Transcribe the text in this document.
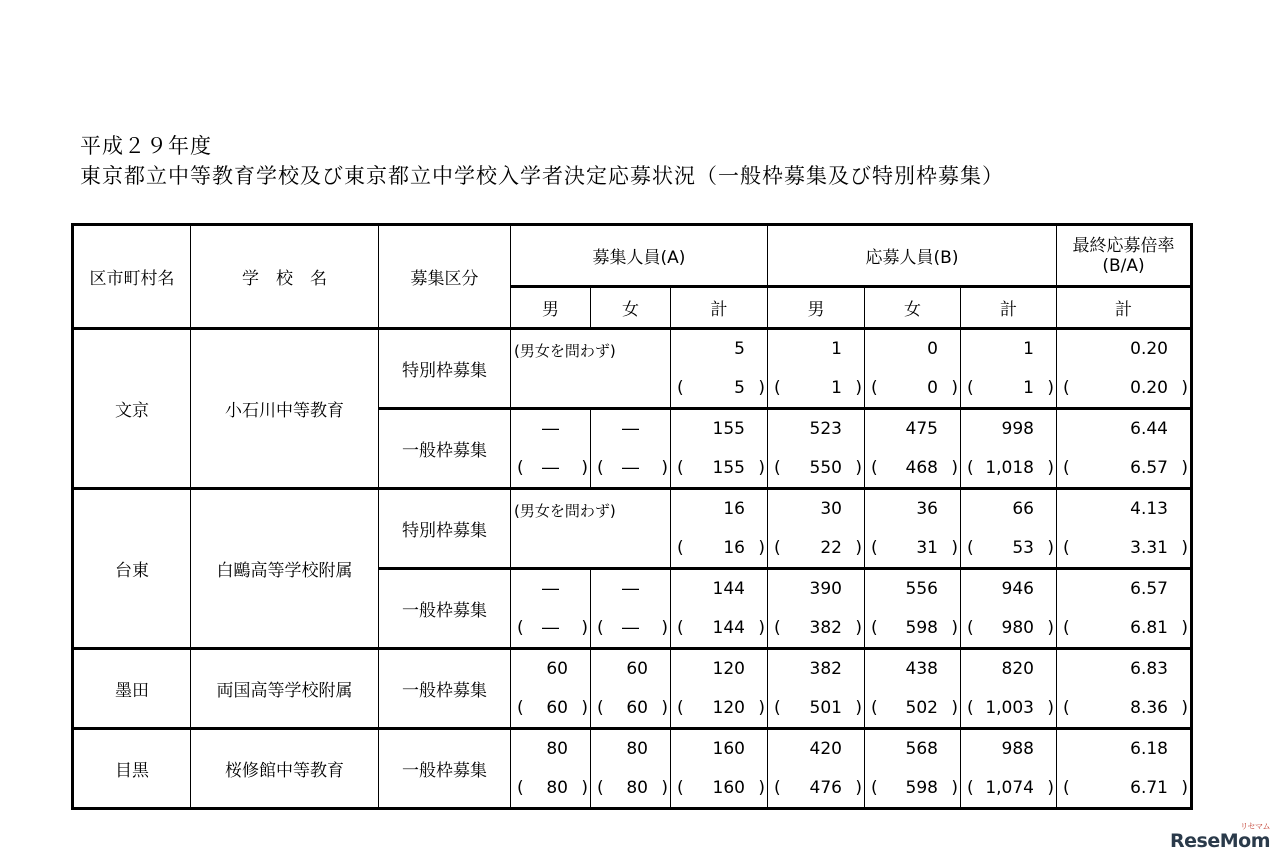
平成２９年度
東京都立中等教育学校及び東京都立中学校入学者決定応募状況（一般枠募集及び特別枠募集）
区市町村名	学　校　名	募集区分	募集人員(A)			応募人員(B)			最終応募倍率
(B/A)

			男	女	計	男	女	計	計
文京	小石川中等教育	特別枠募集	(男女を問わず)		5	1	0	1	0.20

					( 5 )	( 1 )	( 0 )	( 1 )	( 0.20 )

		一般枠募集	―	―	155	523	475	998	6.44

			( ― )	( ― )	( 155 )	( 550 )	( 468 )	( 1,018 )	( 6.57 )

台東	白鷗高等学校附属	特別枠募集	(男女を問わず)		16	30	36	66	4.13

					( 16 )	( 22 )	( 31 )	( 53 )	( 3.31 )

		一般枠募集	―	―	144	390	556	946	6.57

			( ― )	( ― )	( 144 )	( 382 )	( 598 )	( 980 )	( 6.81 )

墨田	両国高等学校附属	一般枠募集	60	60	120	382	438	820	6.83

			( 60 )	( 60 )	( 120 )	( 501 )	( 502 )	( 1,003 )	( 8.36 )

目黒	桜修館中等教育	一般枠募集	80	80	160	420	568	988	6.18

			( 80 )	( 80 )	( 160 )	( 476 )	( 598 )	( 1,074 )	( 6.71 )
ReseMom
リセマム
